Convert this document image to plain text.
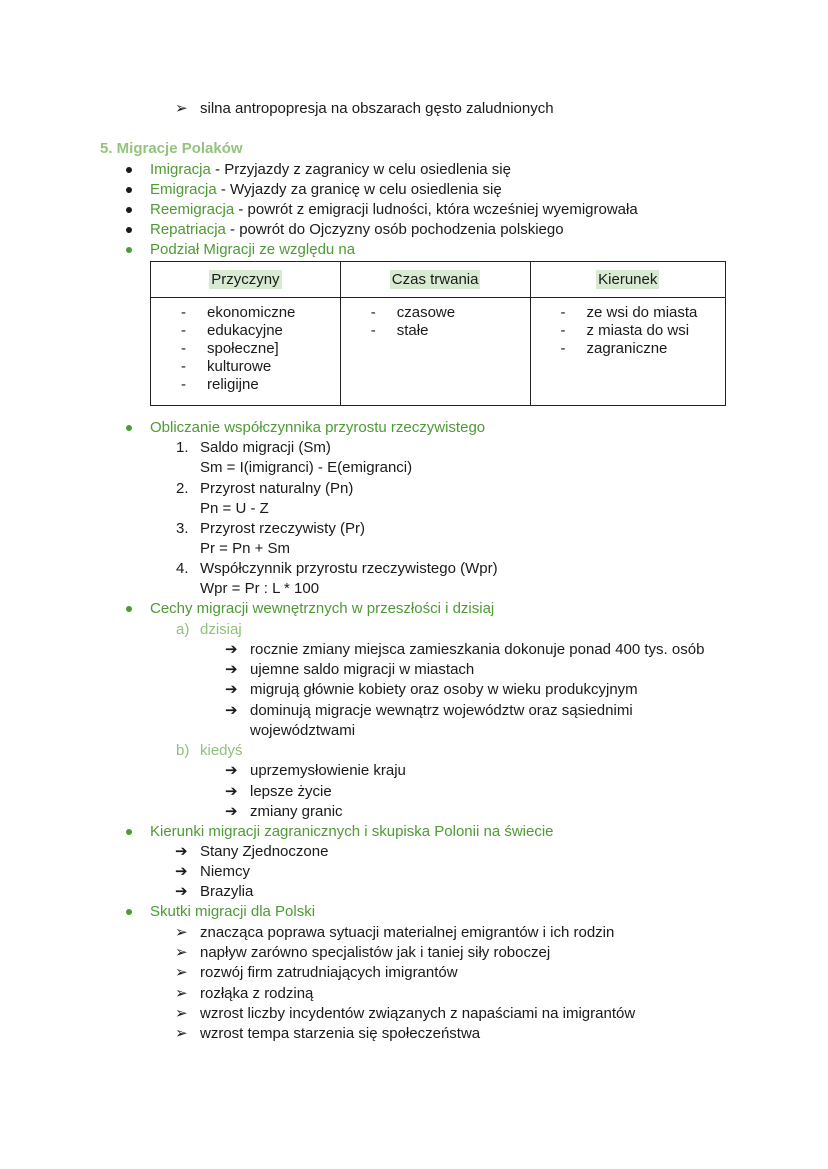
➢ silna antropopresja na obszarach gęsto zaludnionych
5. Migracje Polaków
Imigracja - Przyjazdy z zagranicy w celu osiedlenia się
Emigracja - Wyjazdy za granicę w celu osiedlenia się
Reemigracja - powrót z emigracji ludności, która wcześniej wyemigrowała
Repatriacja - powrót do Ojczyzny osób pochodzenia polskiego
Podział Migracji ze względu na
Przyczyny	Czas trwania	Kierunek

- ekonomiczne
- edukacyjne
- społeczne]
- kulturowe
- religijne

- czasowe
- stałe

- ze wsi do miasta
- z miasta do wsi
- zagraniczne
Obliczanie współczynnika przyrostu rzeczywistego
1. Saldo migracji (Sm)
Sm = I(imigranci) - E(emigranci)
2. Przyrost naturalny (Pn)
Pn = U - Z
3. Przyrost rzeczywisty (Pr)
Pr = Pn + Sm
4. Współczynnik przyrostu rzeczywistego (Wpr)
Wpr = Pr : L * 100
Cechy migracji wewnętrznych w przeszłości i dzisiaj
a) dzisiaj
➔ rocznie zmiany miejsca zamieszkania dokonuje ponad 400 tys. osób
➔ ujemne saldo migracji w miastach
➔ migrują głównie kobiety oraz osoby w wieku produkcyjnym
➔ dominują migracje wewnątrz województw oraz sąsiednimi
województwami
b) kiedyś
➔ uprzemysłowienie kraju
➔ lepsze życie
➔ zmiany granic
Kierunki migracji zagranicznych i skupiska Polonii na świecie
➔ Stany Zjednoczone
➔ Niemcy
➔ Brazylia
Skutki migracji dla Polski
➢ znacząca poprawa sytuacji materialnej emigrantów i ich rodzin
➢ napływ zarówno specjalistów jak i taniej siły roboczej
➢ rozwój firm zatrudniających imigrantów
➢ rozłąka z rodziną
➢ wzrost liczby incydentów związanych z napaściami na imigrantów
➢ wzrost tempa starzenia się społeczeństwa
